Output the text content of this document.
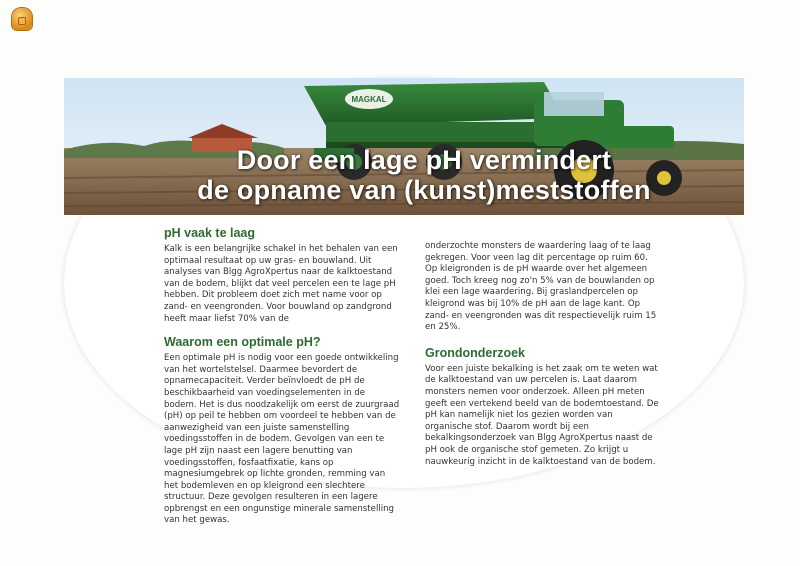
MAGKAL
Door een lage pH vermindert
de opname van (kunst)meststoffen
pH vaak te laag

Kalk is een belangrijke schakel in het behalen van een optimaal resultaat op uw gras- en bouwland. Uit analyses van Blgg AgroXpertus naar de kalktoestand van de bodem, blijkt dat veel percelen een te lage pH hebben. Dit probleem doet zich met name voor op zand- en veengronden. Voor bouwland op zandgrond heeft maar liefst 70% van de

Waarom een optimale pH?

Een optimale pH is nodig voor een goede ontwikkeling van het wortelstelsel. Daarmee bevordert de opnamecapaciteit. Verder beïnvloedt de pH de beschikbaarheid van voedingselementen in de bodem. Het is dus noodzakelijk om eerst de zuurgraad (pH) op peil te hebben om voordeel te hebben van de aanwezigheid van een juiste samenstelling voedingsstoffen in de bodem. Gevolgen van een te lage pH zijn naast een lagere benutting van voedingsstoffen, fosfaatfixatie, kans op magnesiumgebrek op lichte gronden, remming van het bodemleven en op kleigrond een slechtere structuur. Deze gevolgen resulteren in een lagere opbrengst en een ongunstige minerale samenstelling van het gewas.

onderzochte monsters de waardering laag of te laag gekregen. Voor veen lag dit percentage op ruim 60. Op kleigronden is de pH waarde over het algemeen goed. Toch kreeg nog zo'n 5% van de bouwlanden op klei een lage waardering. Bij graslandpercelen op kleigrond was bij 10% de pH aan de lage kant. Op zand- en veengronden was dit respectievelijk ruim 15 en 25%.

Grondonderzoek

Voor een juiste bekalking is het zaak om te weten wat de kalktoestand van uw percelen is. Laat daarom monsters nemen voor onderzoek. Alleen pH meten geeft een vertekend beeld van de bodemtoestand. De pH kan namelijk niet los gezien worden van organische stof. Daarom wordt bij een bekalkingsonderzoek van Blgg AgroXpertus naast de pH ook de organische stof gemeten. Zo krijgt u nauwkeurig inzicht in de kalktoestand van de bodem.
